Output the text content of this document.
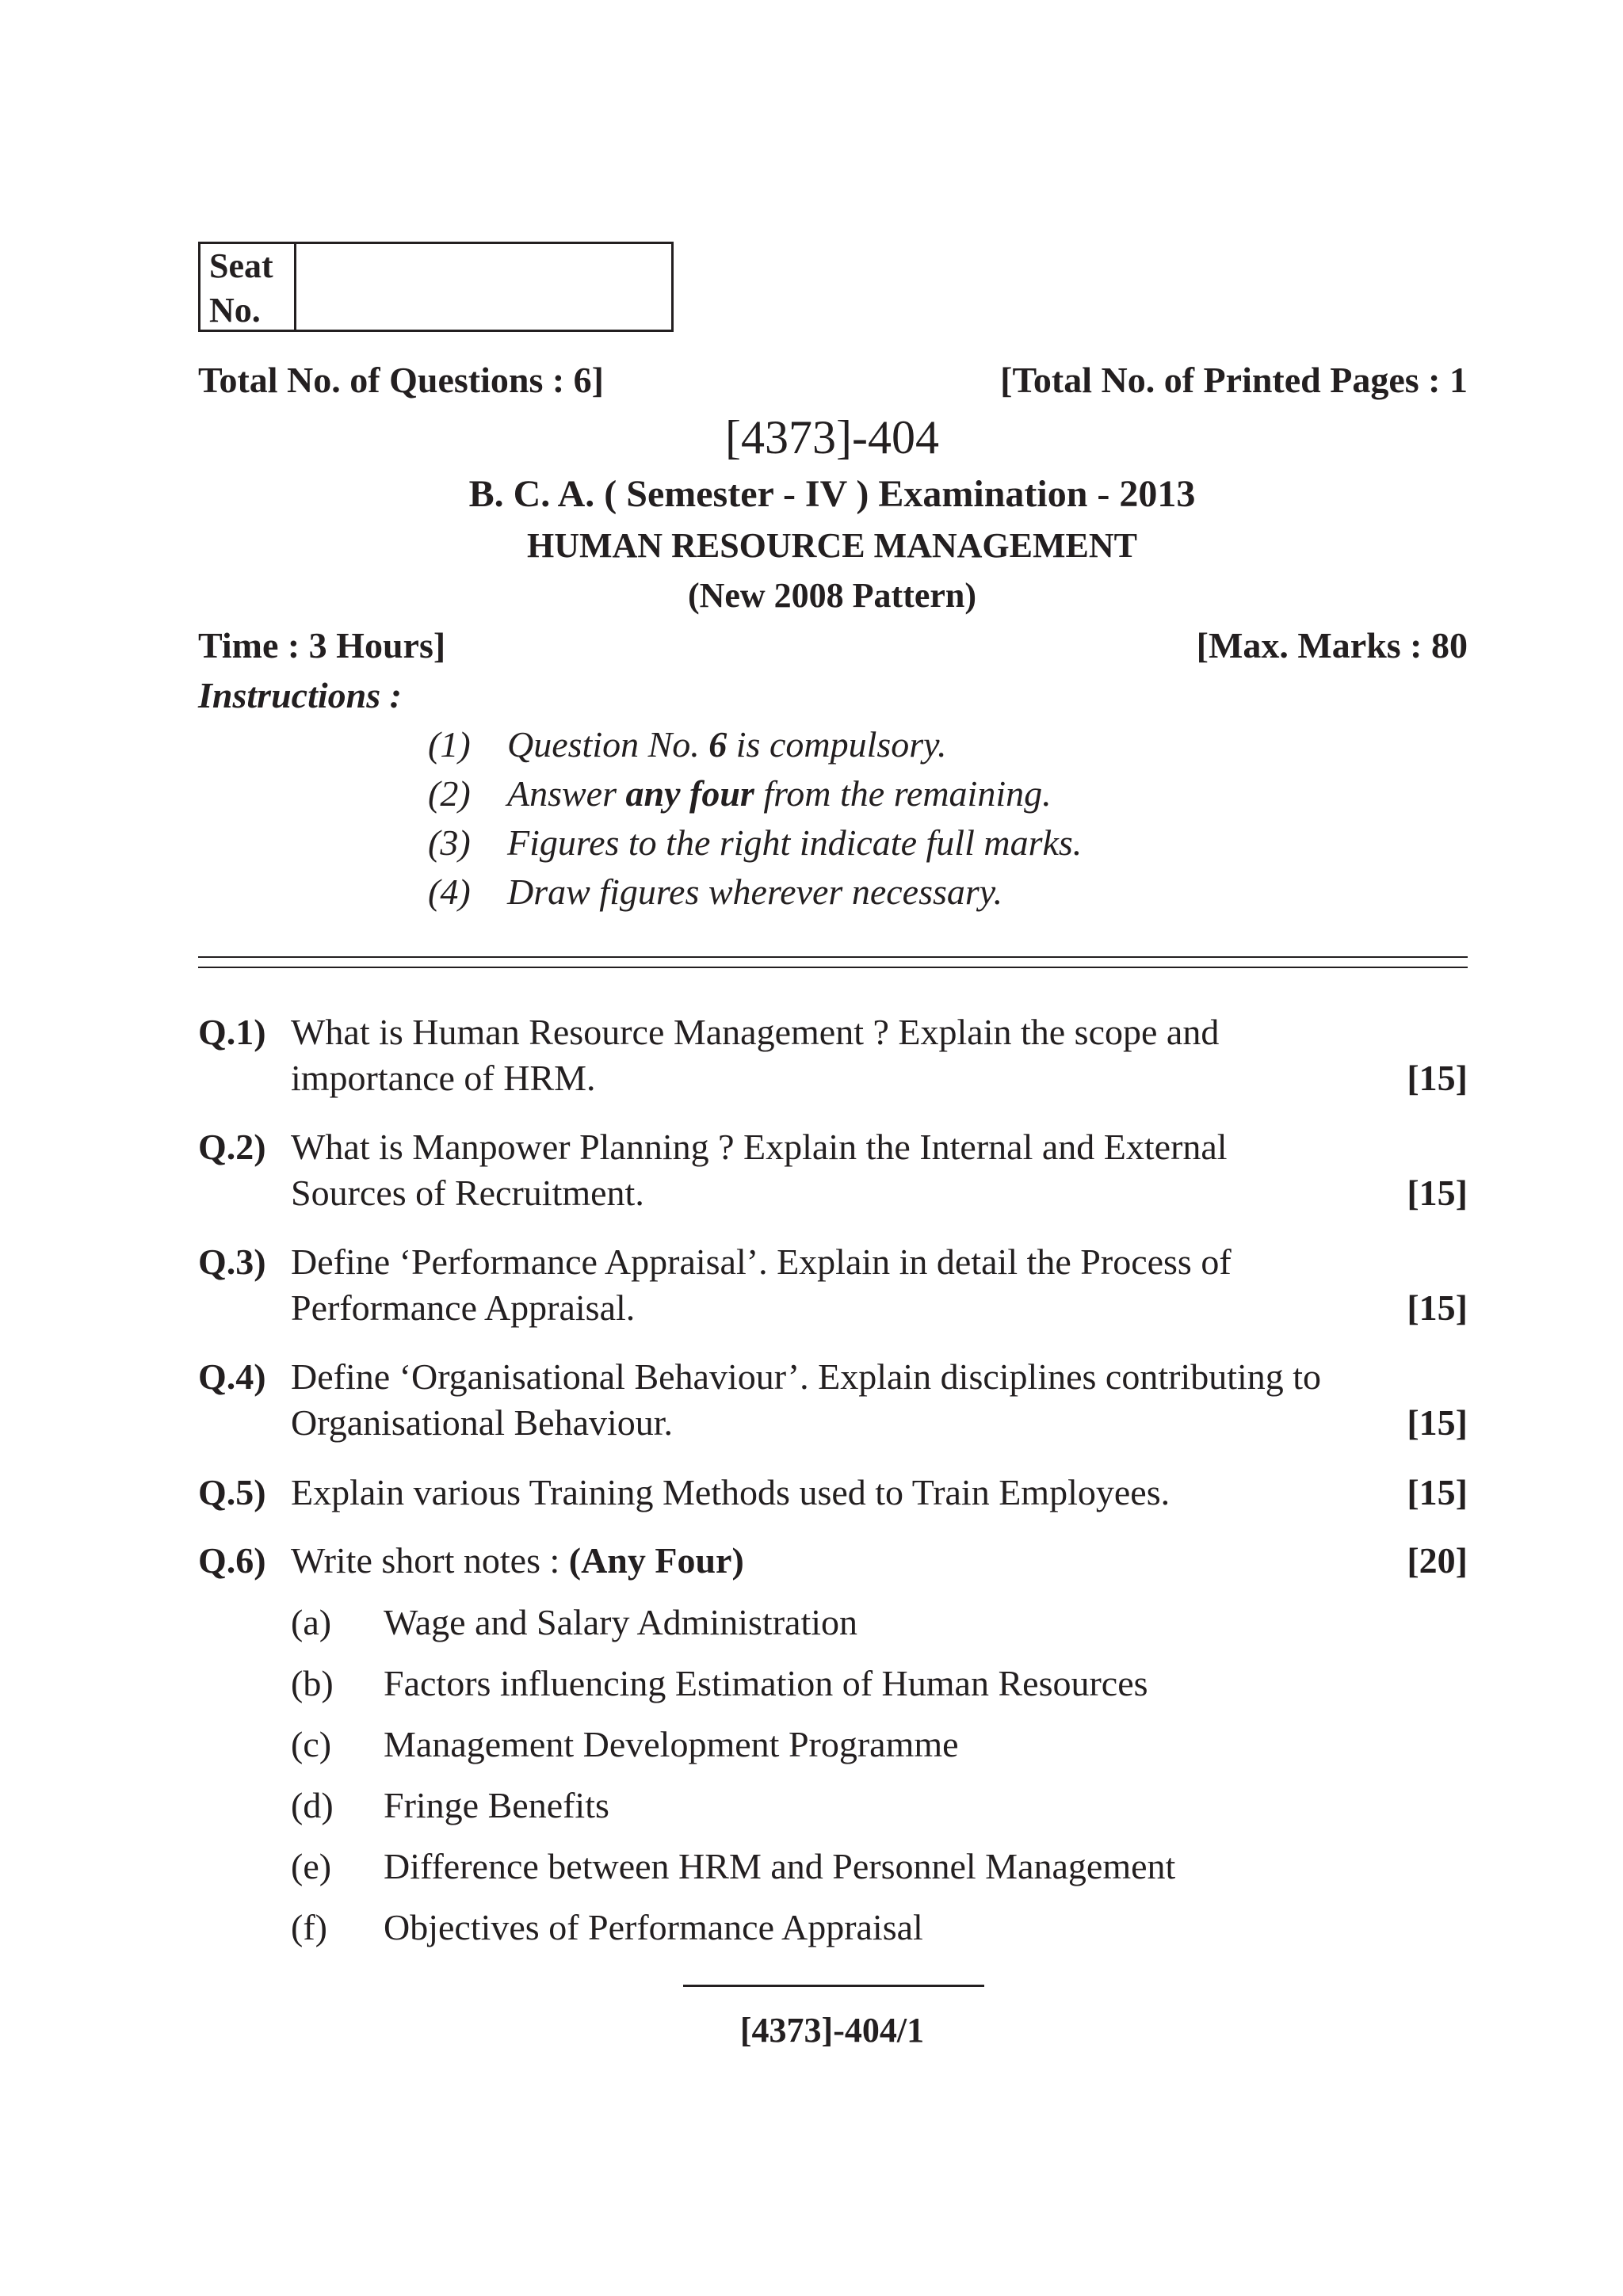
Seat
No.
Total No. of Questions : 6]	[Total No. of Printed Pages : 1
[4373]-404
B. C. A. ( Semester - IV ) Examination - 2013
HUMAN RESOURCE MANAGEMENT
(New 2008 Pattern)
Time : 3 Hours]	[Max. Marks : 80
Instructions :
(1) Question No. 6 is compulsory.
(2) Answer any four from the remaining.
(3) Figures to the right indicate full marks.
(4) Draw figures wherever necessary.
Q.1) What is Human Resource Management ? Explain the scope and
importance of HRM.	[15]
Q.2) What is Manpower Planning ? Explain the Internal and External
Sources of Recruitment.	[15]
Q.3) Define ‘Performance Appraisal’. Explain in detail the Process of
Performance Appraisal.	[15]
Q.4) Define ‘Organisational Behaviour’. Explain disciplines contributing to
Organisational Behaviour.	[15]
Q.5) Explain various Training Methods used to Train Employees.	[15]
Q.6) Write short notes : (Any Four)	[20]
(a) Wage and Salary Administration
(b) Factors influencing Estimation of Human Resources
(c) Management Development Programme
(d) Fringe Benefits
(e) Difference between HRM and Personnel Management
(f) Objectives of Performance Appraisal
[4373]-404/1
